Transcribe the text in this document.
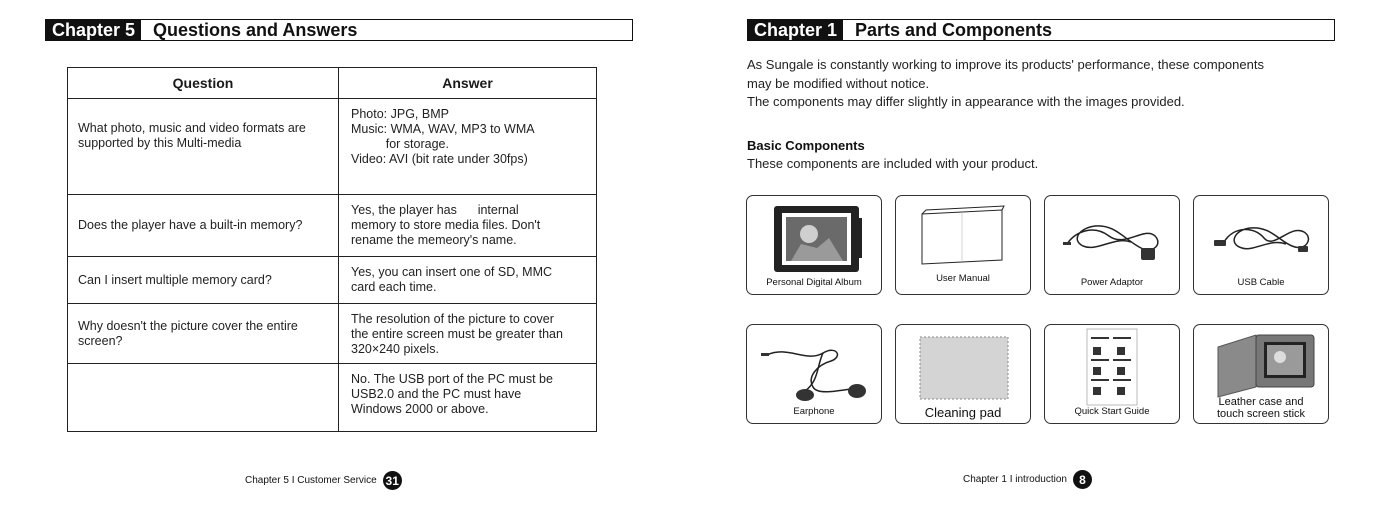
Chapter 5	Questions and Answers
Question	Answer
What photo, music and video formats are supported by this Multi-media	Photo: JPG, BMP
Music: WMA, WAV, MP3 to WMA
for storage.
Video: AVI (bit rate under 30fps)

Does the player have a built-in memory?	Yes, the player has      internal
memory to store media files. Don't
rename the memeory's name.

Can I insert multiple memory card?	Yes, you can insert one of SD, MMC
card each time.

Why doesn't the picture cover the entire screen?	The resolution of the picture to cover
the entire screen must be greater than
320×240 pixels.

	No. The USB port of the PC must be
USB2.0 and the PC must have
Windows 2000 or above.
Chapter 5 I Customer Service 31
Chapter 1	Parts and Components

As Sungale is constantly working to improve its products' performance, these components

may be modified without notice.

The components may differ slightly in appearance with the images provided.

Basic Components
These components are included with your product.
Personal Digital Album	User Manual	Power Adaptor	USB Cable
Earphone	Cleaning pad	Quick Start Guide
Leather case and
touch screen stick
Chapter 1 I introduction	8
